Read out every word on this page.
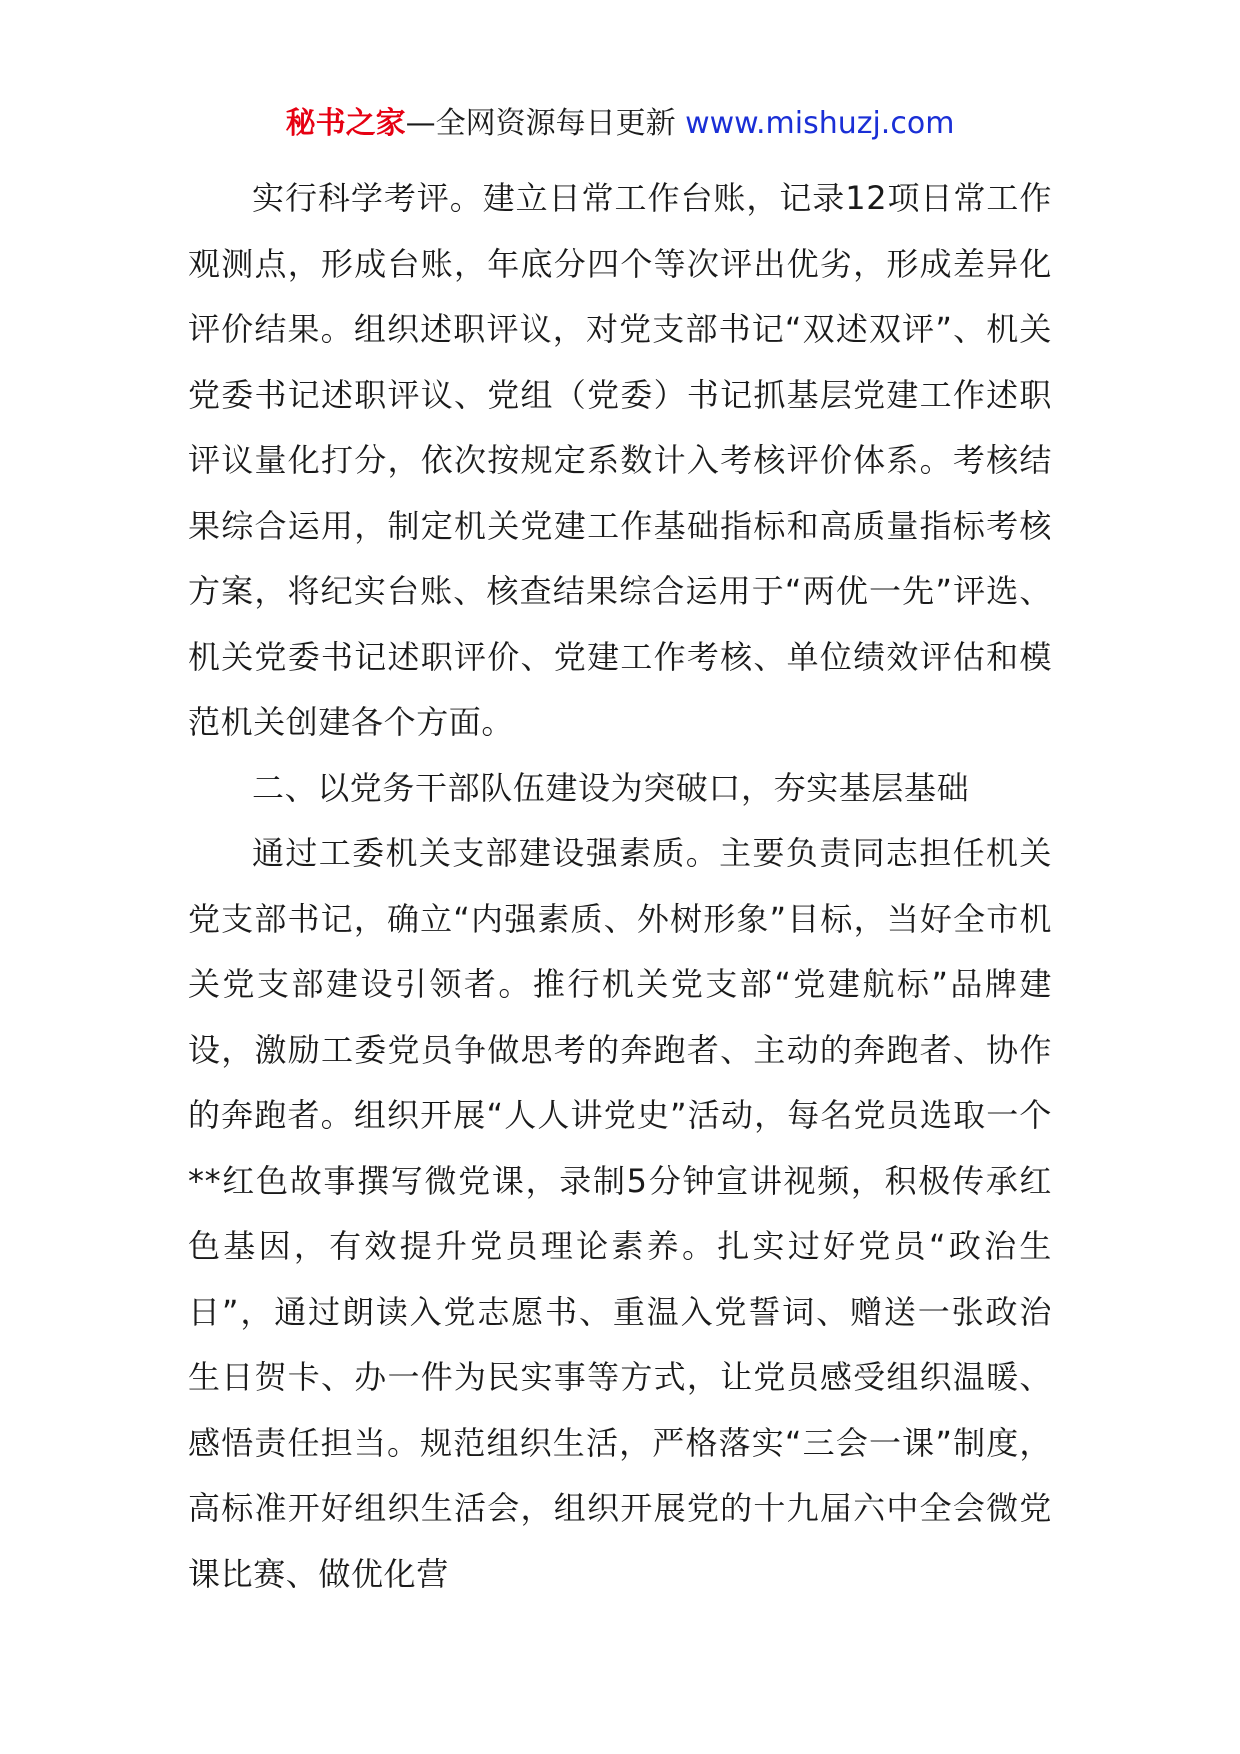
秘书之家—全网资源每日更新 www.mishuzj.com

实行科学考评。建立日常工作台账，记录12项日常工作观测点，形成台账，年底分四个等次评出优劣，形成差异化评价结果。组织述职评议，对党支部书记“双述双评”、机关党委书记述职评议、党组（党委）书记抓基层党建工作述职评议量化打分，依次按规定系数计入考核评价体系。考核结果综合运用，制定机关党建工作基础指标和高质量指标考核方案，将纪实台账、核查结果综合运用于“两优一先”评选、机关党委书记述职评价、党建工作考核、单位绩效评估和模范机关创建各个方面。

二、以党务干部队伍建设为突破口，夯实基层基础

通过工委机关支部建设强素质。主要负责同志担任机关党支部书记，确立“内强素质、外树形象”目标，当好全市机关党支部建设引领者。推行机关党支部“党建航标”品牌建设，激励工委党员争做思考的奔跑者、主动的奔跑者、协作的奔跑者。组织开展“人人讲党史”活动，每名党员选取一个**红色故事撰写微党课，录制5分钟宣讲视频，积极传承红色基因，有效提升党员理论素养。扎实过好党员“政治生日”，通过朗读入党志愿书、重温入党誓词、赠送一张政治生日贺卡、办一件为民实事等方式，让党员感受组织温暖、感悟责任担当。规范组织生活，严格落实“三会一课”制度，高标准开好组织生活会，组织开展党的十九届六中全会微党课比赛、做优化营
